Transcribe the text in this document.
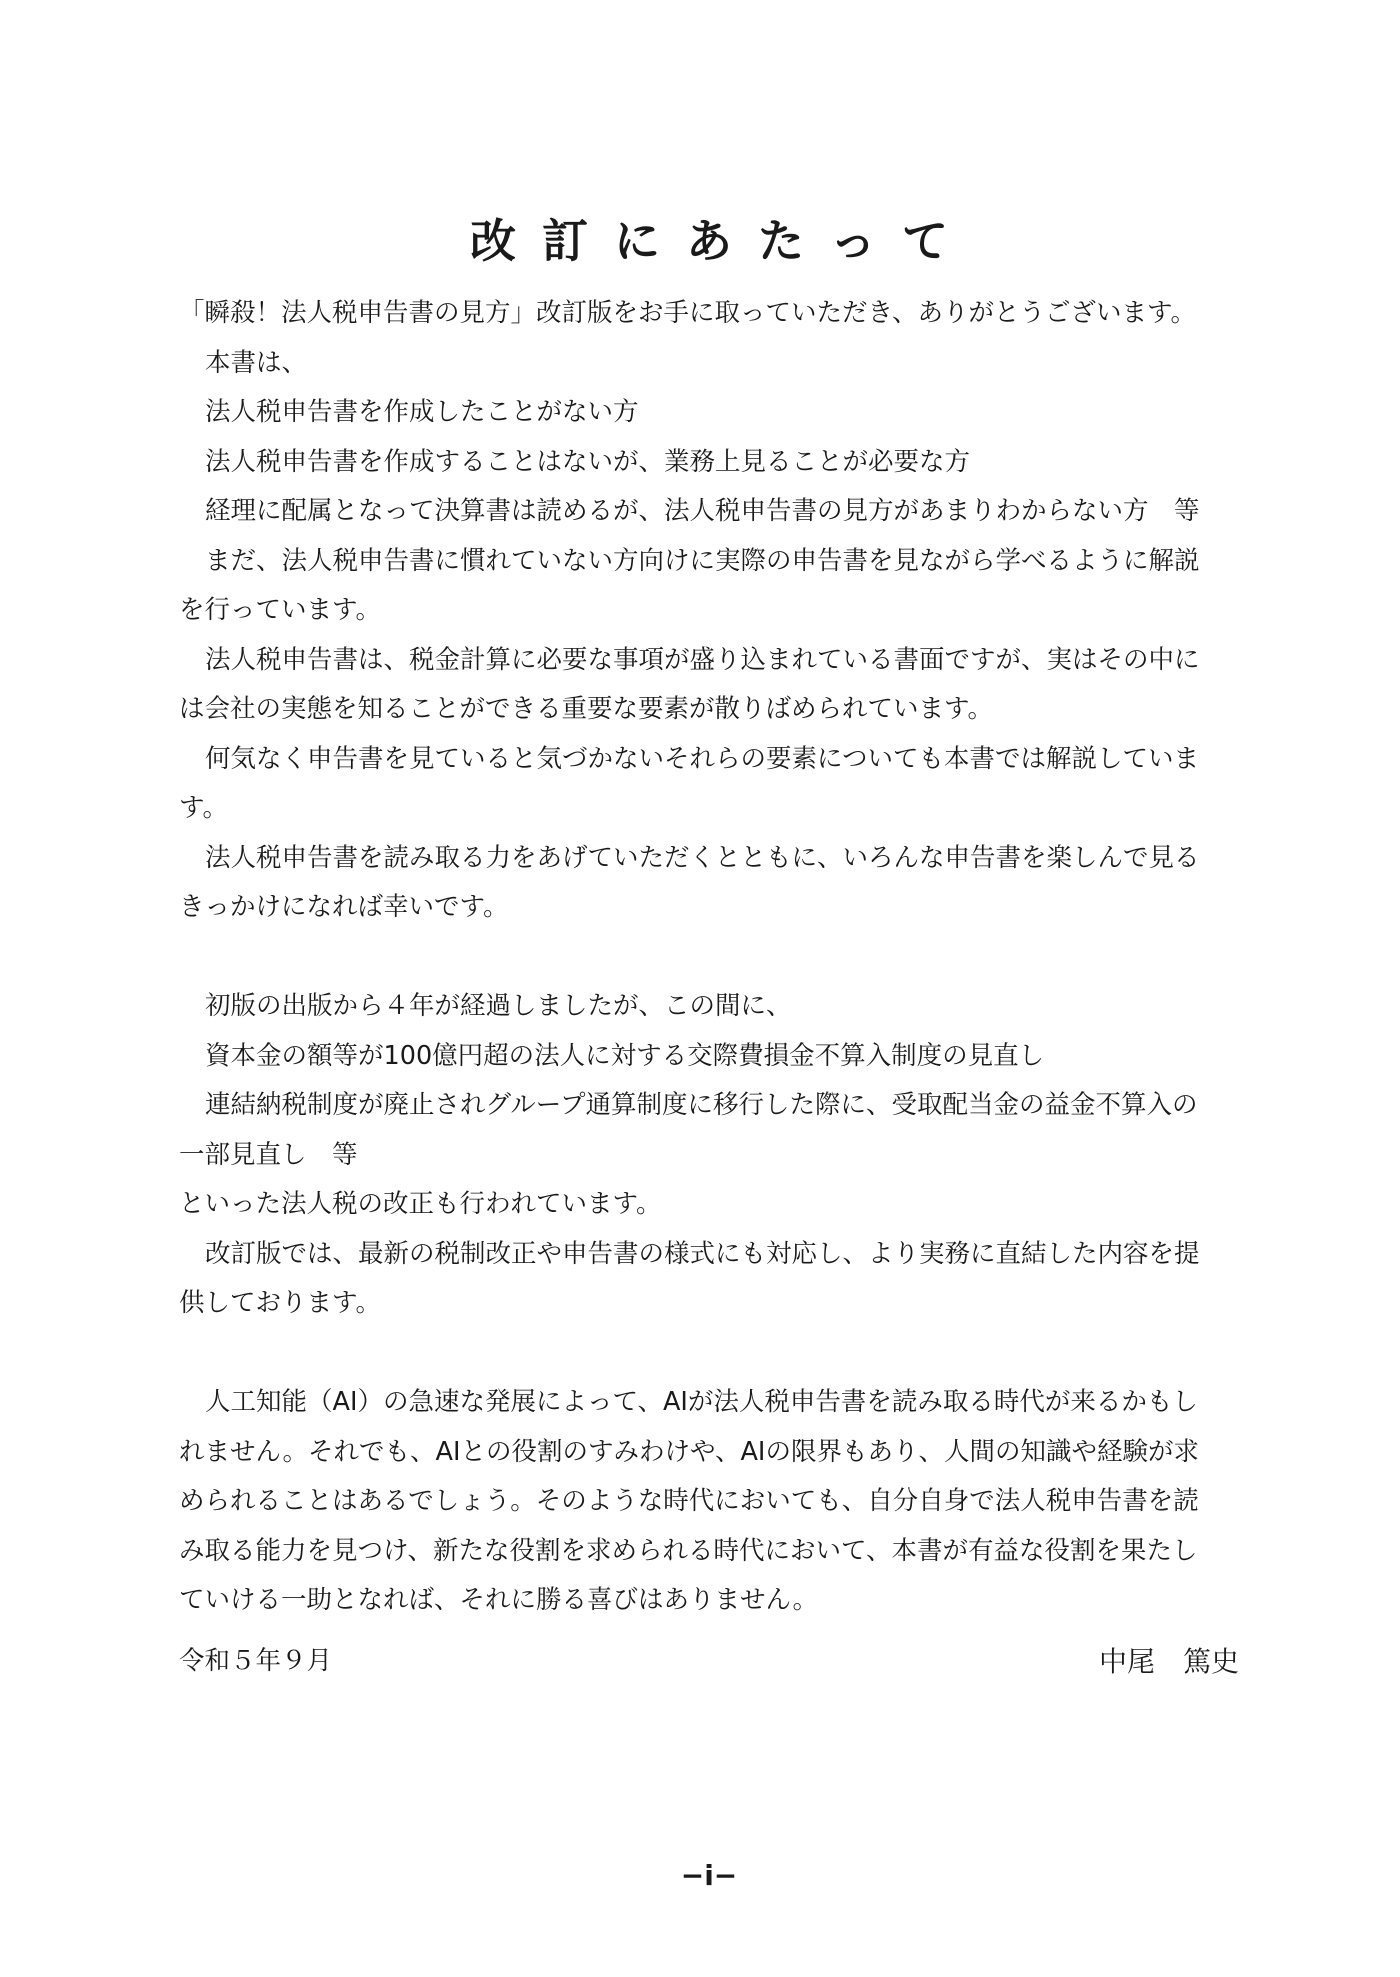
改訂にあたって

「瞬殺！法人税申告書の見方」改訂版をお手に取っていただき、ありがとうございます。

本書は、

法人税申告書を作成したことがない方

法人税申告書を作成することはないが、業務上見ることが必要な方

経理に配属となって決算書は読めるが、法人税申告書の見方があまりわからない方　等

まだ、法人税申告書に慣れていない方向けに実際の申告書を見ながら学べるように解説

を行っています。

法人税申告書は、税金計算に必要な事項が盛り込まれている書面ですが、実はその中に

は会社の実態を知ることができる重要な要素が散りばめられています。

何気なく申告書を見ていると気づかないそれらの要素についても本書では解説していま

す。

法人税申告書を読み取る力をあげていただくとともに、いろんな申告書を楽しんで見る

きっかけになれば幸いです。

初版の出版から４年が経過しましたが、この間に、

資本金の額等が100億円超の法人に対する交際費損金不算入制度の見直し

連結納税制度が廃止されグループ通算制度に移行した際に、受取配当金の益金不算入の

一部見直し　等

といった法人税の改正も行われています。

改訂版では、最新の税制改正や申告書の様式にも対応し、より実務に直結した内容を提

供しております。

人工知能（AI）の急速な発展によって、AIが法人税申告書を読み取る時代が来るかもし

れません。それでも、AIとの役割のすみわけや、AIの限界もあり、人間の知識や経験が求

められることはあるでしょう。そのような時代においても、自分自身で法人税申告書を読

み取る能力を見つけ、新たな役割を求められる時代において、本書が有益な役割を果たし

ていける一助となれば、それに勝る喜びはありません。

令和５年９月	中尾　篤史
−i−
